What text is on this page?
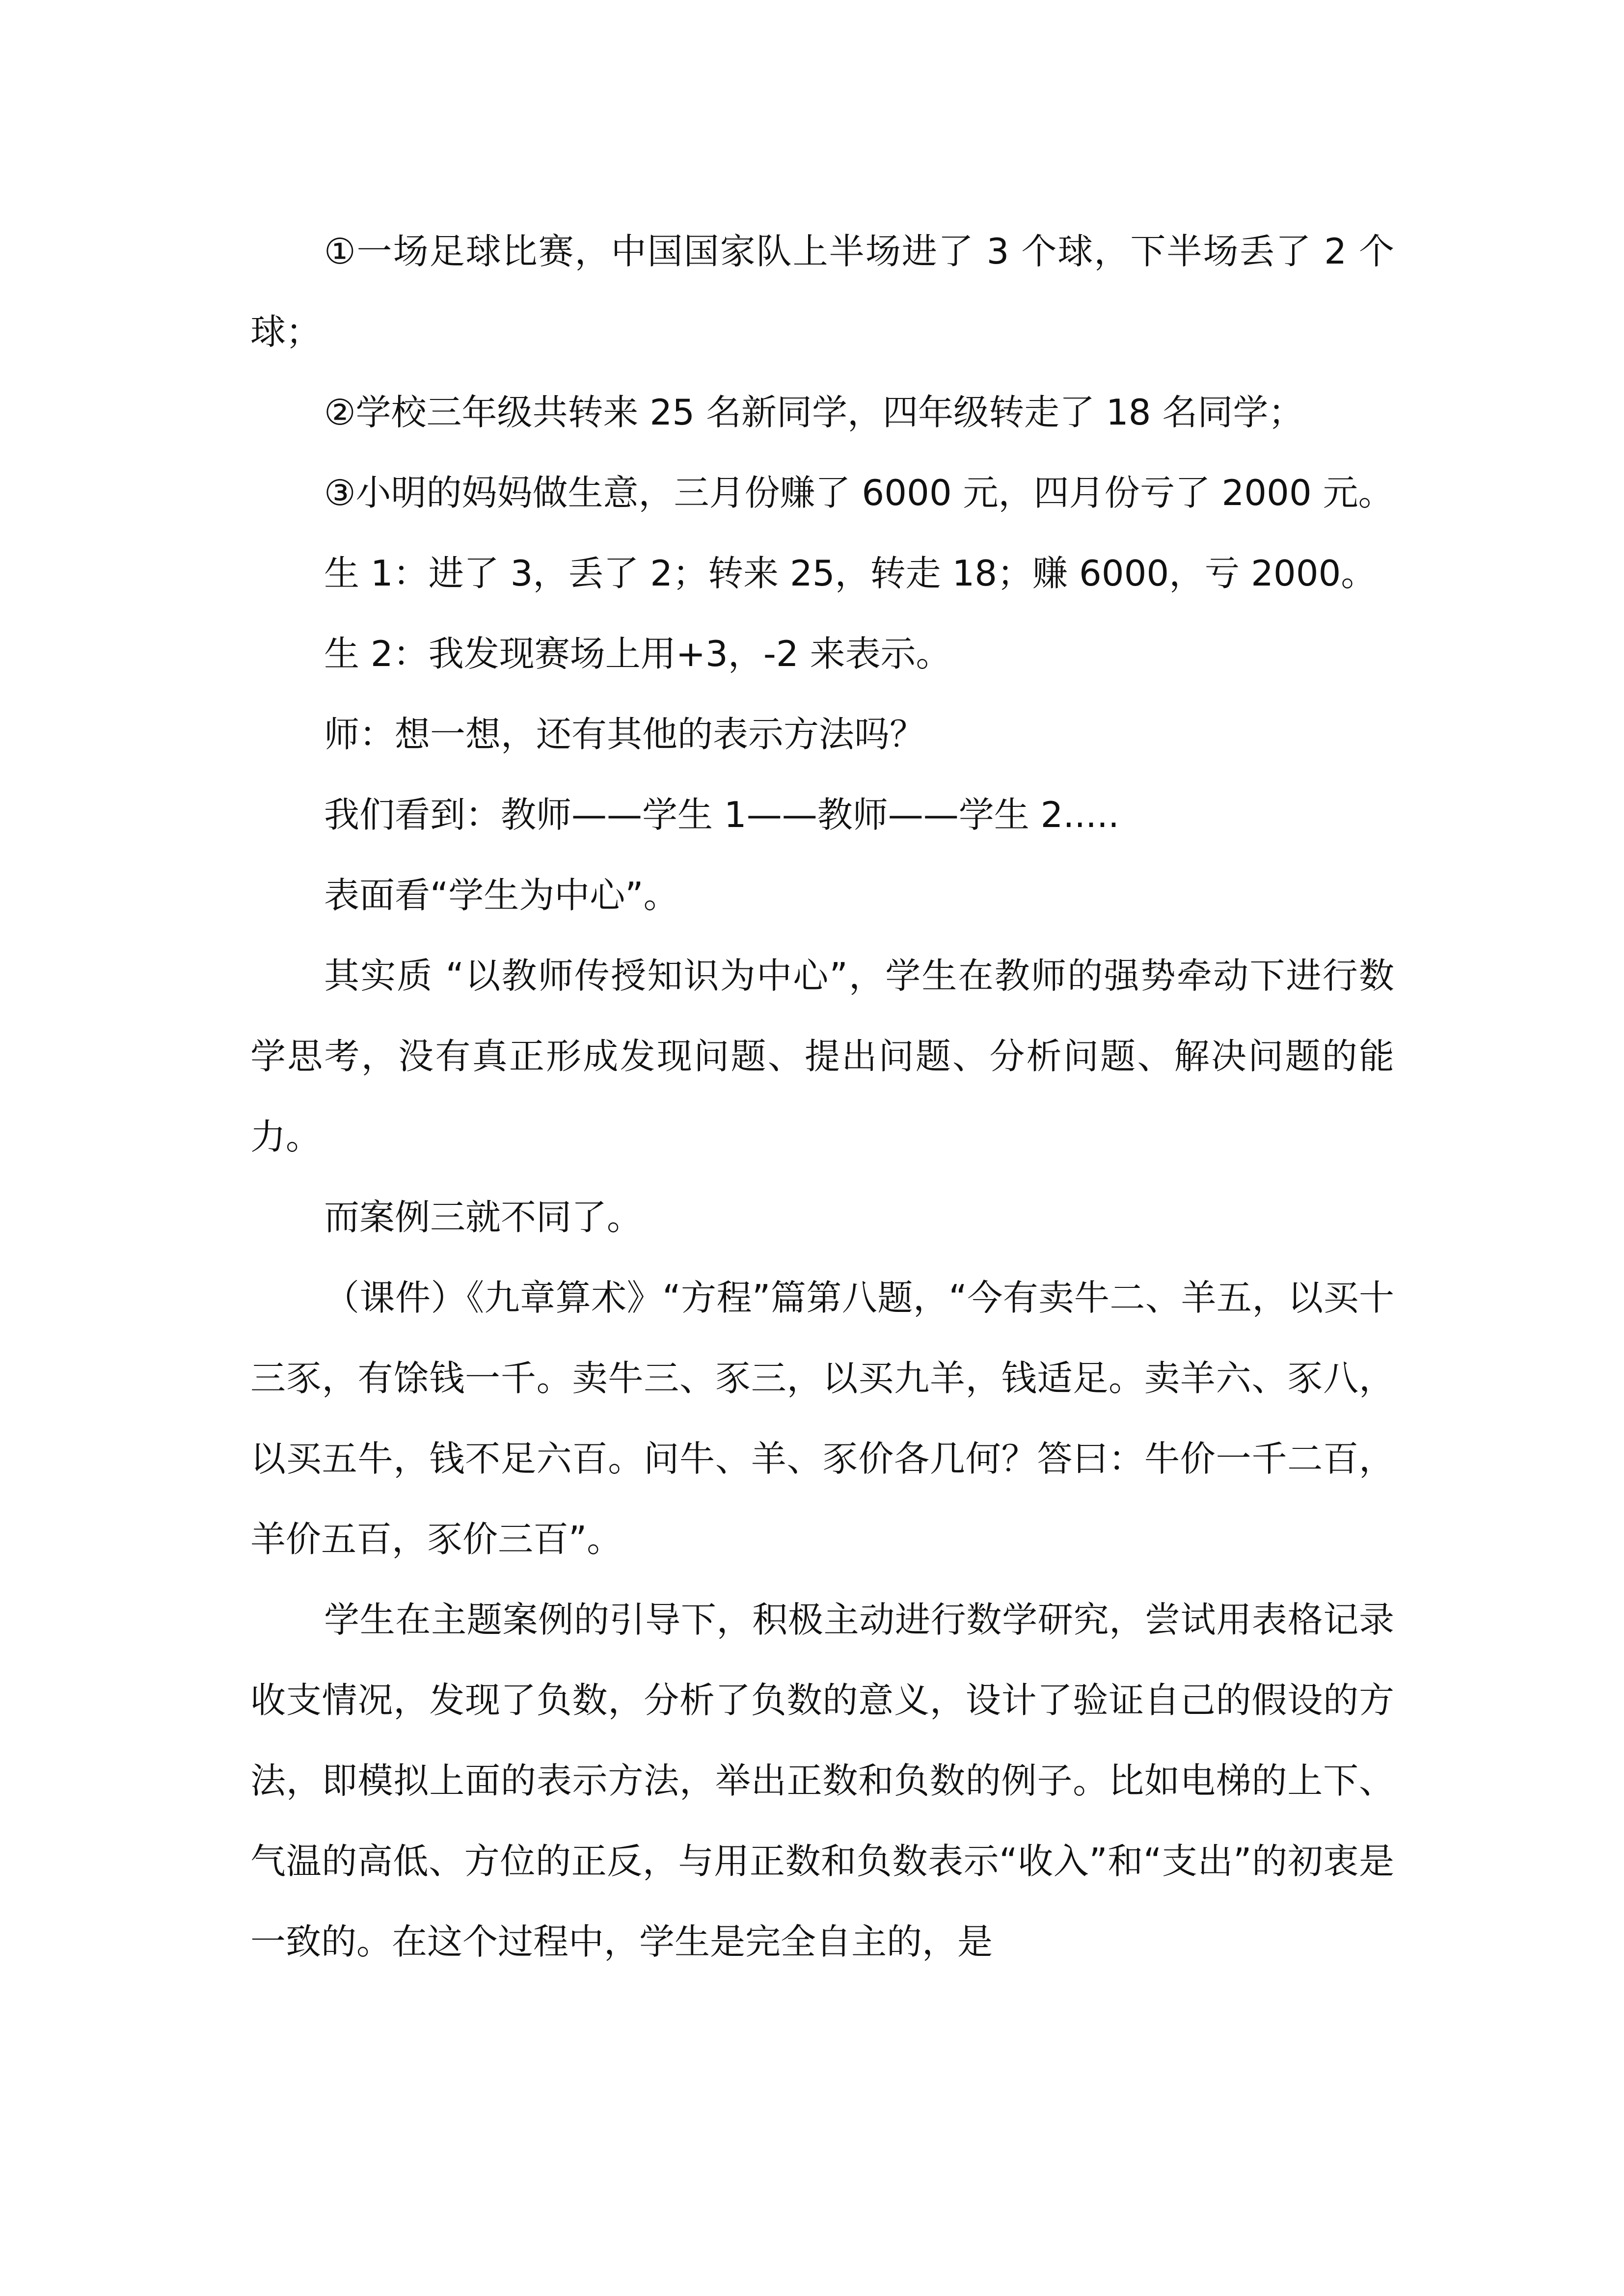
①一场足球比赛，中国国家队上半场进了 3 个球，下半场丢了 2 个球；

②学校三年级共转来 25 名新同学，四年级转走了 18 名同学；

③小明的妈妈做生意，三月份赚了 6000 元，四月份亏了 2000 元。

生 1：进了 3，丢了 2；转来 25，转走 18；赚 6000，亏 2000。

生 2：我发现赛场上用+3，-2 来表示。

师：想一想，还有其他的表示方法吗？

我们看到：教师——学生 1——教师——学生 2.....

表面看“学生为中心”。

其实质 “以教师传授知识为中心”，学生在教师的强势牵动下进行数学思考，没有真正形成发现问题、提出问题、分析问题、解决问题的能力。

而案例三就不同了。

（课件）《九章算术》“方程”篇第八题，“今有卖牛二、羊五，以买十三豕，有馀钱一千。卖牛三、豕三，以买九羊，钱适足。卖羊六、豕八，以买五牛，钱不足六百。问牛、羊、豕价各几何？答曰：牛价一千二百，羊价五百，豕价三百”。

学生在主题案例的引导下，积极主动进行数学研究，尝试用表格记录收支情况，发现了负数，分析了负数的意义，设计了验证自己的假设的方法，即模拟上面的表示方法，举出正数和负数的例子。比如电梯的上下、气温的高低、方位的正反，与用正数和负数表示“收入”和“支出”的初衷是一致的。在这个过程中，学生是完全自主的，是
